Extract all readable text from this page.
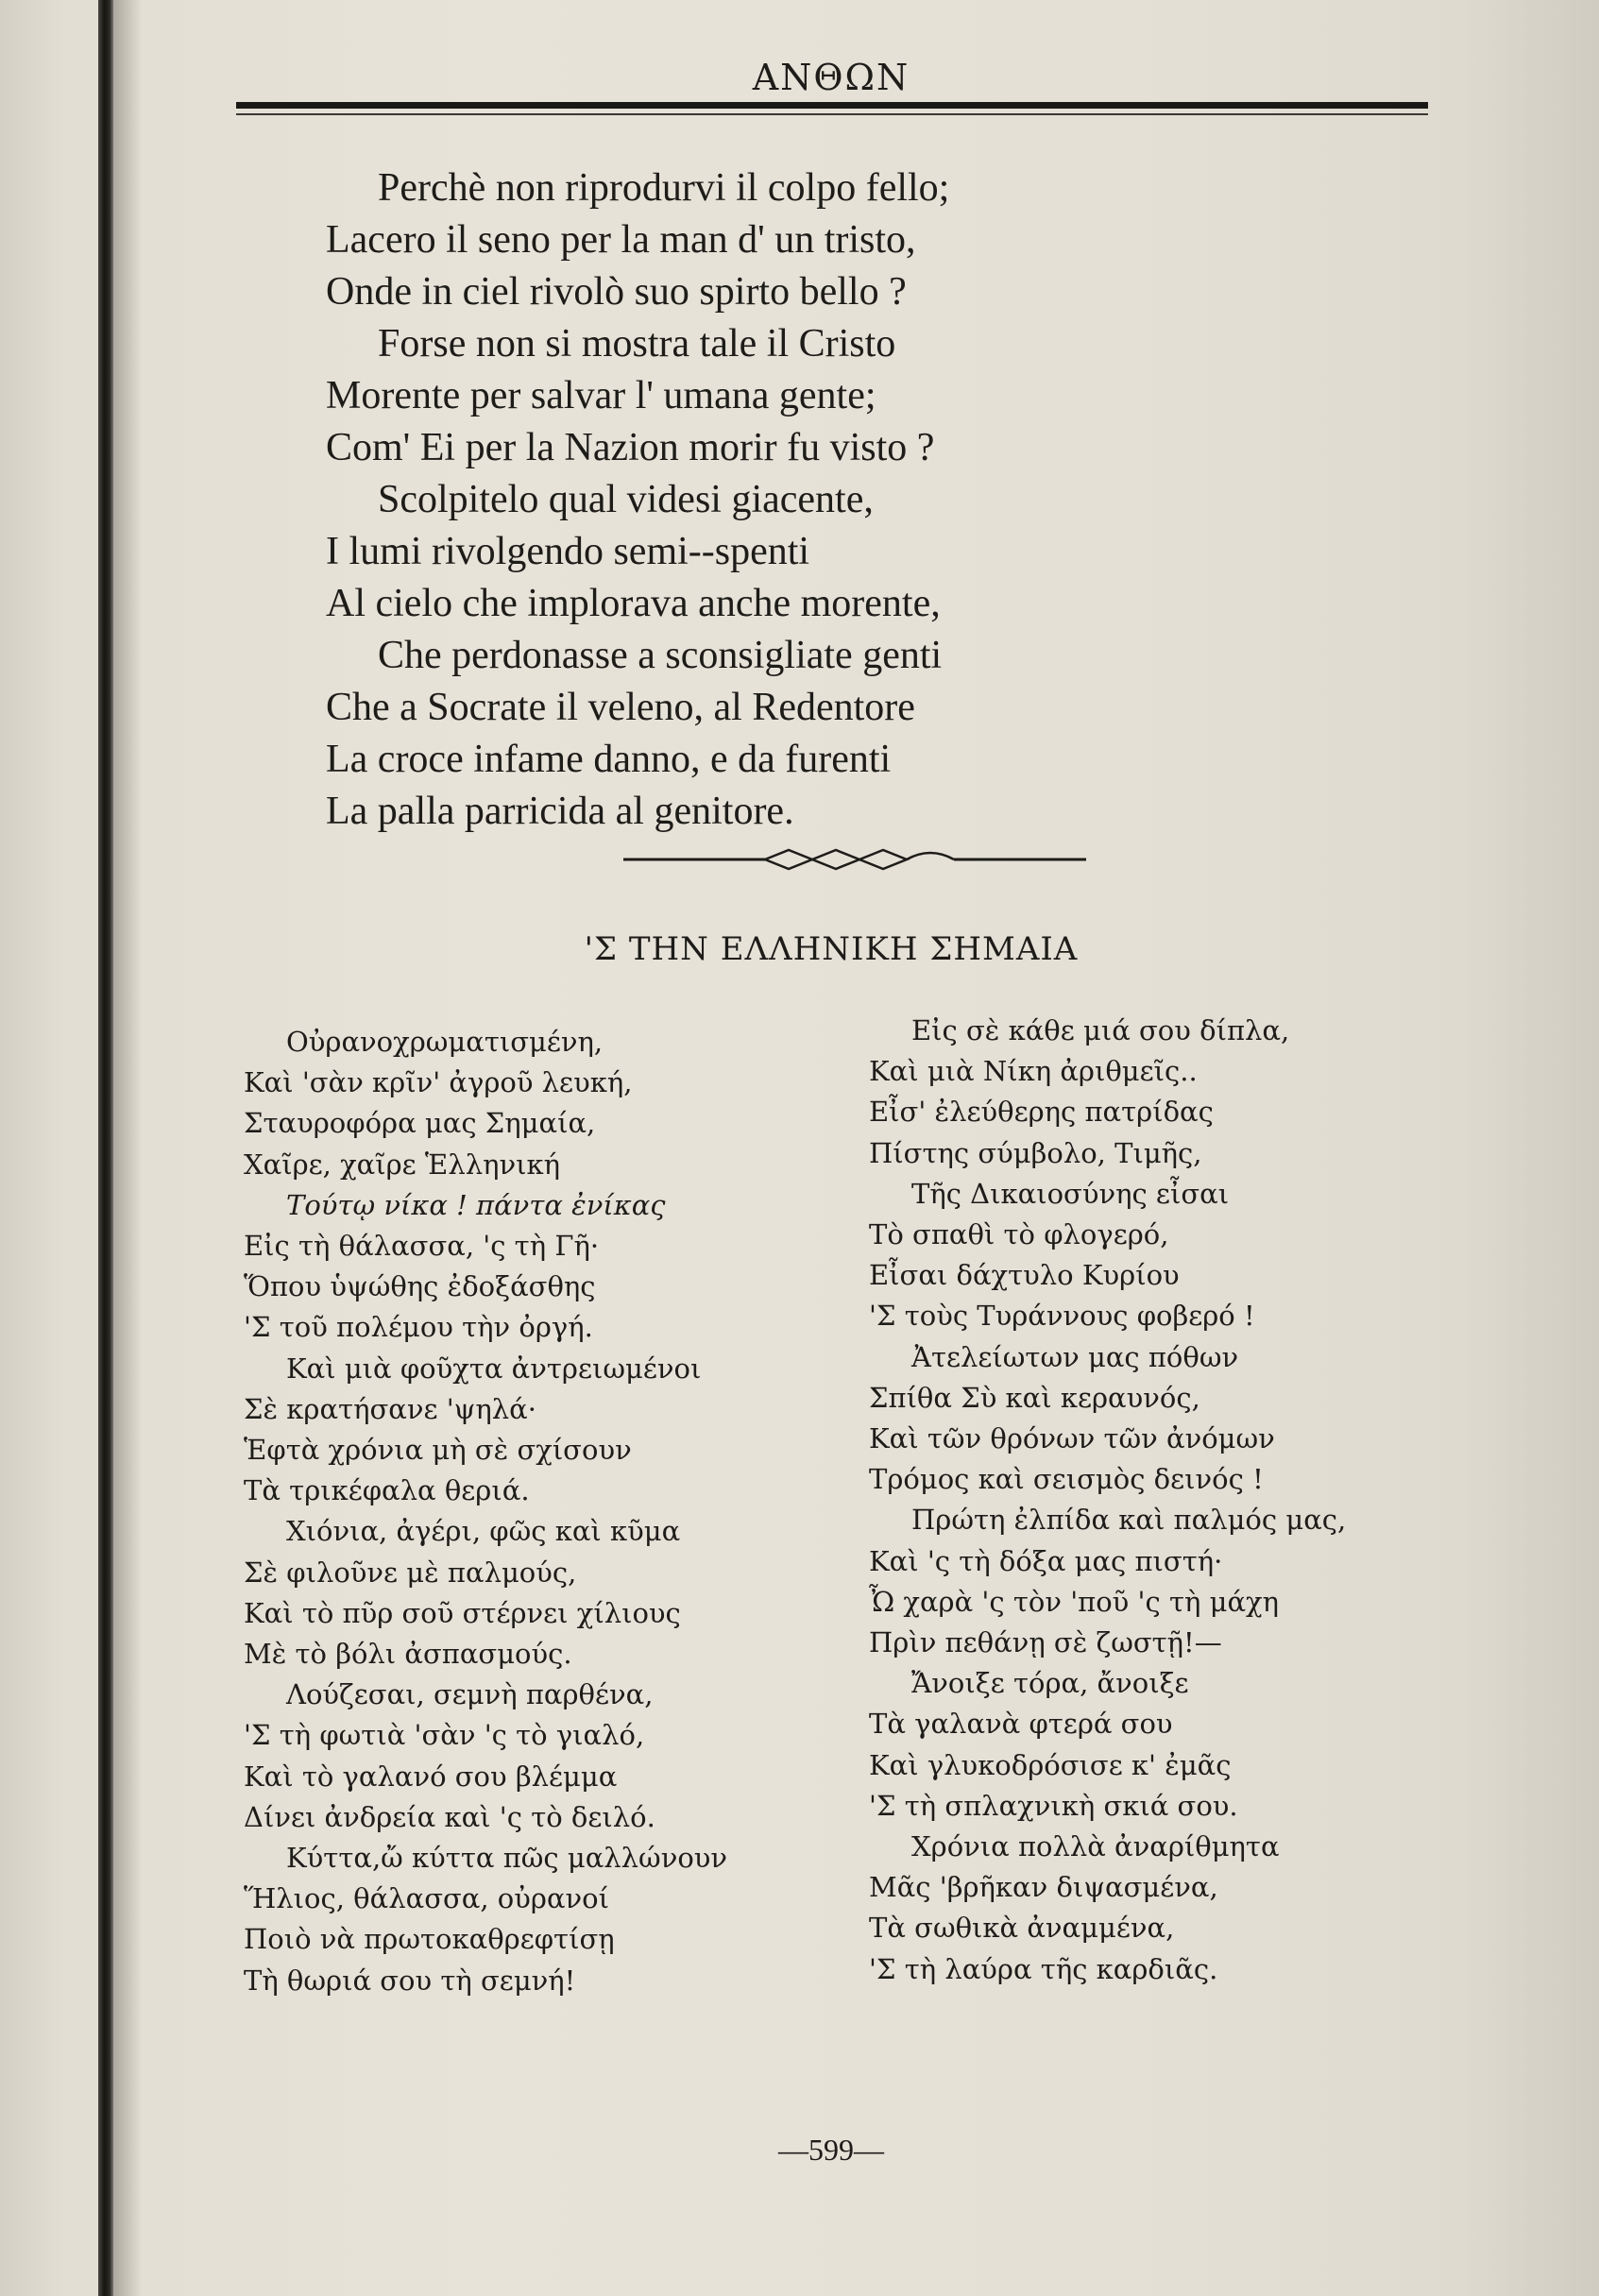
ΑΝΘΩΝ
Perchè non riprodurvi il colpo fello;
Lacero il seno per la man d' un tristo,
Onde in ciel rivolò suo spirto bello ?
Forse non si mostra tale il Cristo
Morente per salvar l' umana gente;
Com' Ei per la Nazion morir fu visto ?
Scolpitelo qual videsi giacente,
I lumi rivolgendo semi--spenti
Al cielo che implorava anche morente,
Che perdonasse a sconsigliate genti
Che a Socrate il veleno, al Redentore
La croce infame danno, e da furenti
La palla parricida al genitore.
'Σ ΤΗΝ ΕΛΛΗΝΙΚΗ ΣΗΜΑΙΑ
Οὐρανοχρωματισμένη,
Καὶ 'σὰν κρῖν' ἀγροῦ λευκή,
Σταυροφόρα μας Σημαία,
Χαῖρε, χαῖρε Ἑλληνική
Τούτῳ νίκα ! πάντα ἐνίκας
Εἰς τὴ θάλασσα, 'ς τὴ Γῆ·
Ὅπου ὑψώθης ἐδοξάσθης
'Σ τοῦ πολέμου τὴν ὀργή.
Καὶ μιὰ φοῦχτα ἀντρειωμένοι
Σὲ κρατήσανε 'ψηλά·
Ἑφτὰ χρόνια μὴ σὲ σχίσουν
Τὰ τρικέφαλα θεριά.
Χιόνια, ἀγέρι, φῶς καὶ κῦμα
Σὲ φιλοῦνε μὲ παλμούς,
Καὶ τὸ πῦρ σοῦ στέρνει χίλιους
Μὲ τὸ βόλι ἀσπασμούς.
Λούζεσαι, σεμνὴ παρθένα,
'Σ τὴ φωτιὰ 'σὰν 'ς τὸ γιαλό,
Καὶ τὸ γαλανό σου βλέμμα
Δίνει ἀνδρεία καὶ 'ς τὸ δειλό.
Κύττα,ὤ κύττα πῶς μαλλώνουν
Ἥλιος, θάλασσα, οὐρανοί
Ποιὸ νὰ πρωτοκαθρεφτίσῃ
Τὴ θωριά σου τὴ σεμνή!
Εἰς σὲ κάθε μιά σου δίπλα,
Καὶ μιὰ Νίκη ἀριθμεῖς..
Εἶσ' ἐλεύθερης πατρίδας
Πίστης σύμβολο, Τιμῆς,
Τῆς Δικαιοσύνης εἶσαι
Τὸ σπαθὶ τὸ φλογερό,
Εἶσαι δάχτυλο Κυρίου
'Σ τοὺς Τυράννους φοβερό !
Ἀτελείωτων μας πόθων
Σπίθα Σὺ καὶ κεραυνός,
Καὶ τῶν θρόνων τῶν ἀνόμων
Τρόμος καὶ σεισμὸς δεινός !
Πρώτη ἐλπίδα καὶ παλμός μας,
Καὶ 'ς τὴ δόξα μας πιστή·
Ὦ χαρὰ 'ς τὸν 'ποῦ 'ς τὴ μάχη
Πρὶν πεθάνῃ σὲ ζωστῇ!—
Ἄνοιξε τόρα, ἄνοιξε
Τὰ γαλανὰ φτερά σου
Καὶ γλυκοδρόσισε κ' ἐμᾶς
'Σ τὴ σπλαχνικὴ σκιά σου.
Χρόνια πολλὰ ἀναρίθμητα
Μᾶς 'βρῆκαν διψασμένα,
Τὰ σωθικὰ ἀναμμένα,
'Σ τὴ λαύρα τῆς καρδιᾶς.
—599—
